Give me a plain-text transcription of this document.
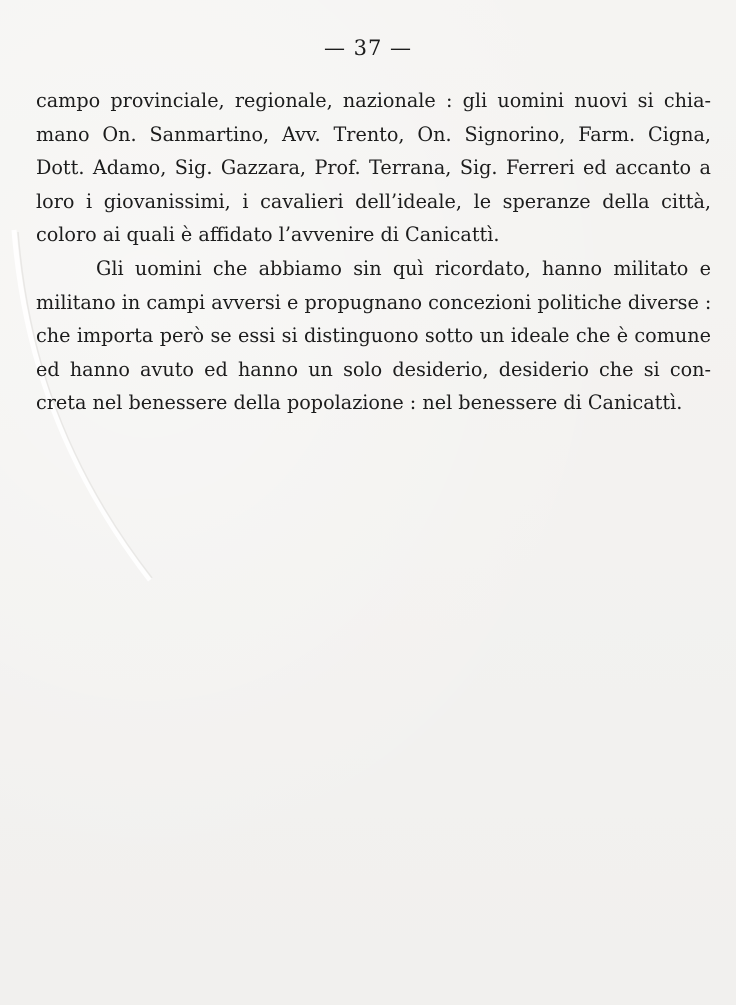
— 37 —

campo provinciale, regionale, nazionale : gli uomini nuovi si chia-
mano On. Sanmartino, Avv. Trento, On. Signorino, Farm. Cigna,
Dott. Adamo, Sig. Gazzara, Prof. Terrana, Sig. Ferreri ed accanto a
loro i giovanissimi, i cavalieri dell’ideale, le speranze della città,
coloro ai quali è affidato l’avvenire di Canicattì.

Gli uomini che abbiamo sin quì ricordato, hanno militato e
militano in campi avversi e propugnano concezioni politiche diverse :
che importa però se essi si distinguono sotto un ideale che è comune
ed hanno avuto ed hanno un solo desiderio, desiderio che si con-
creta nel benessere della popolazione : nel benessere di Canicattì.
